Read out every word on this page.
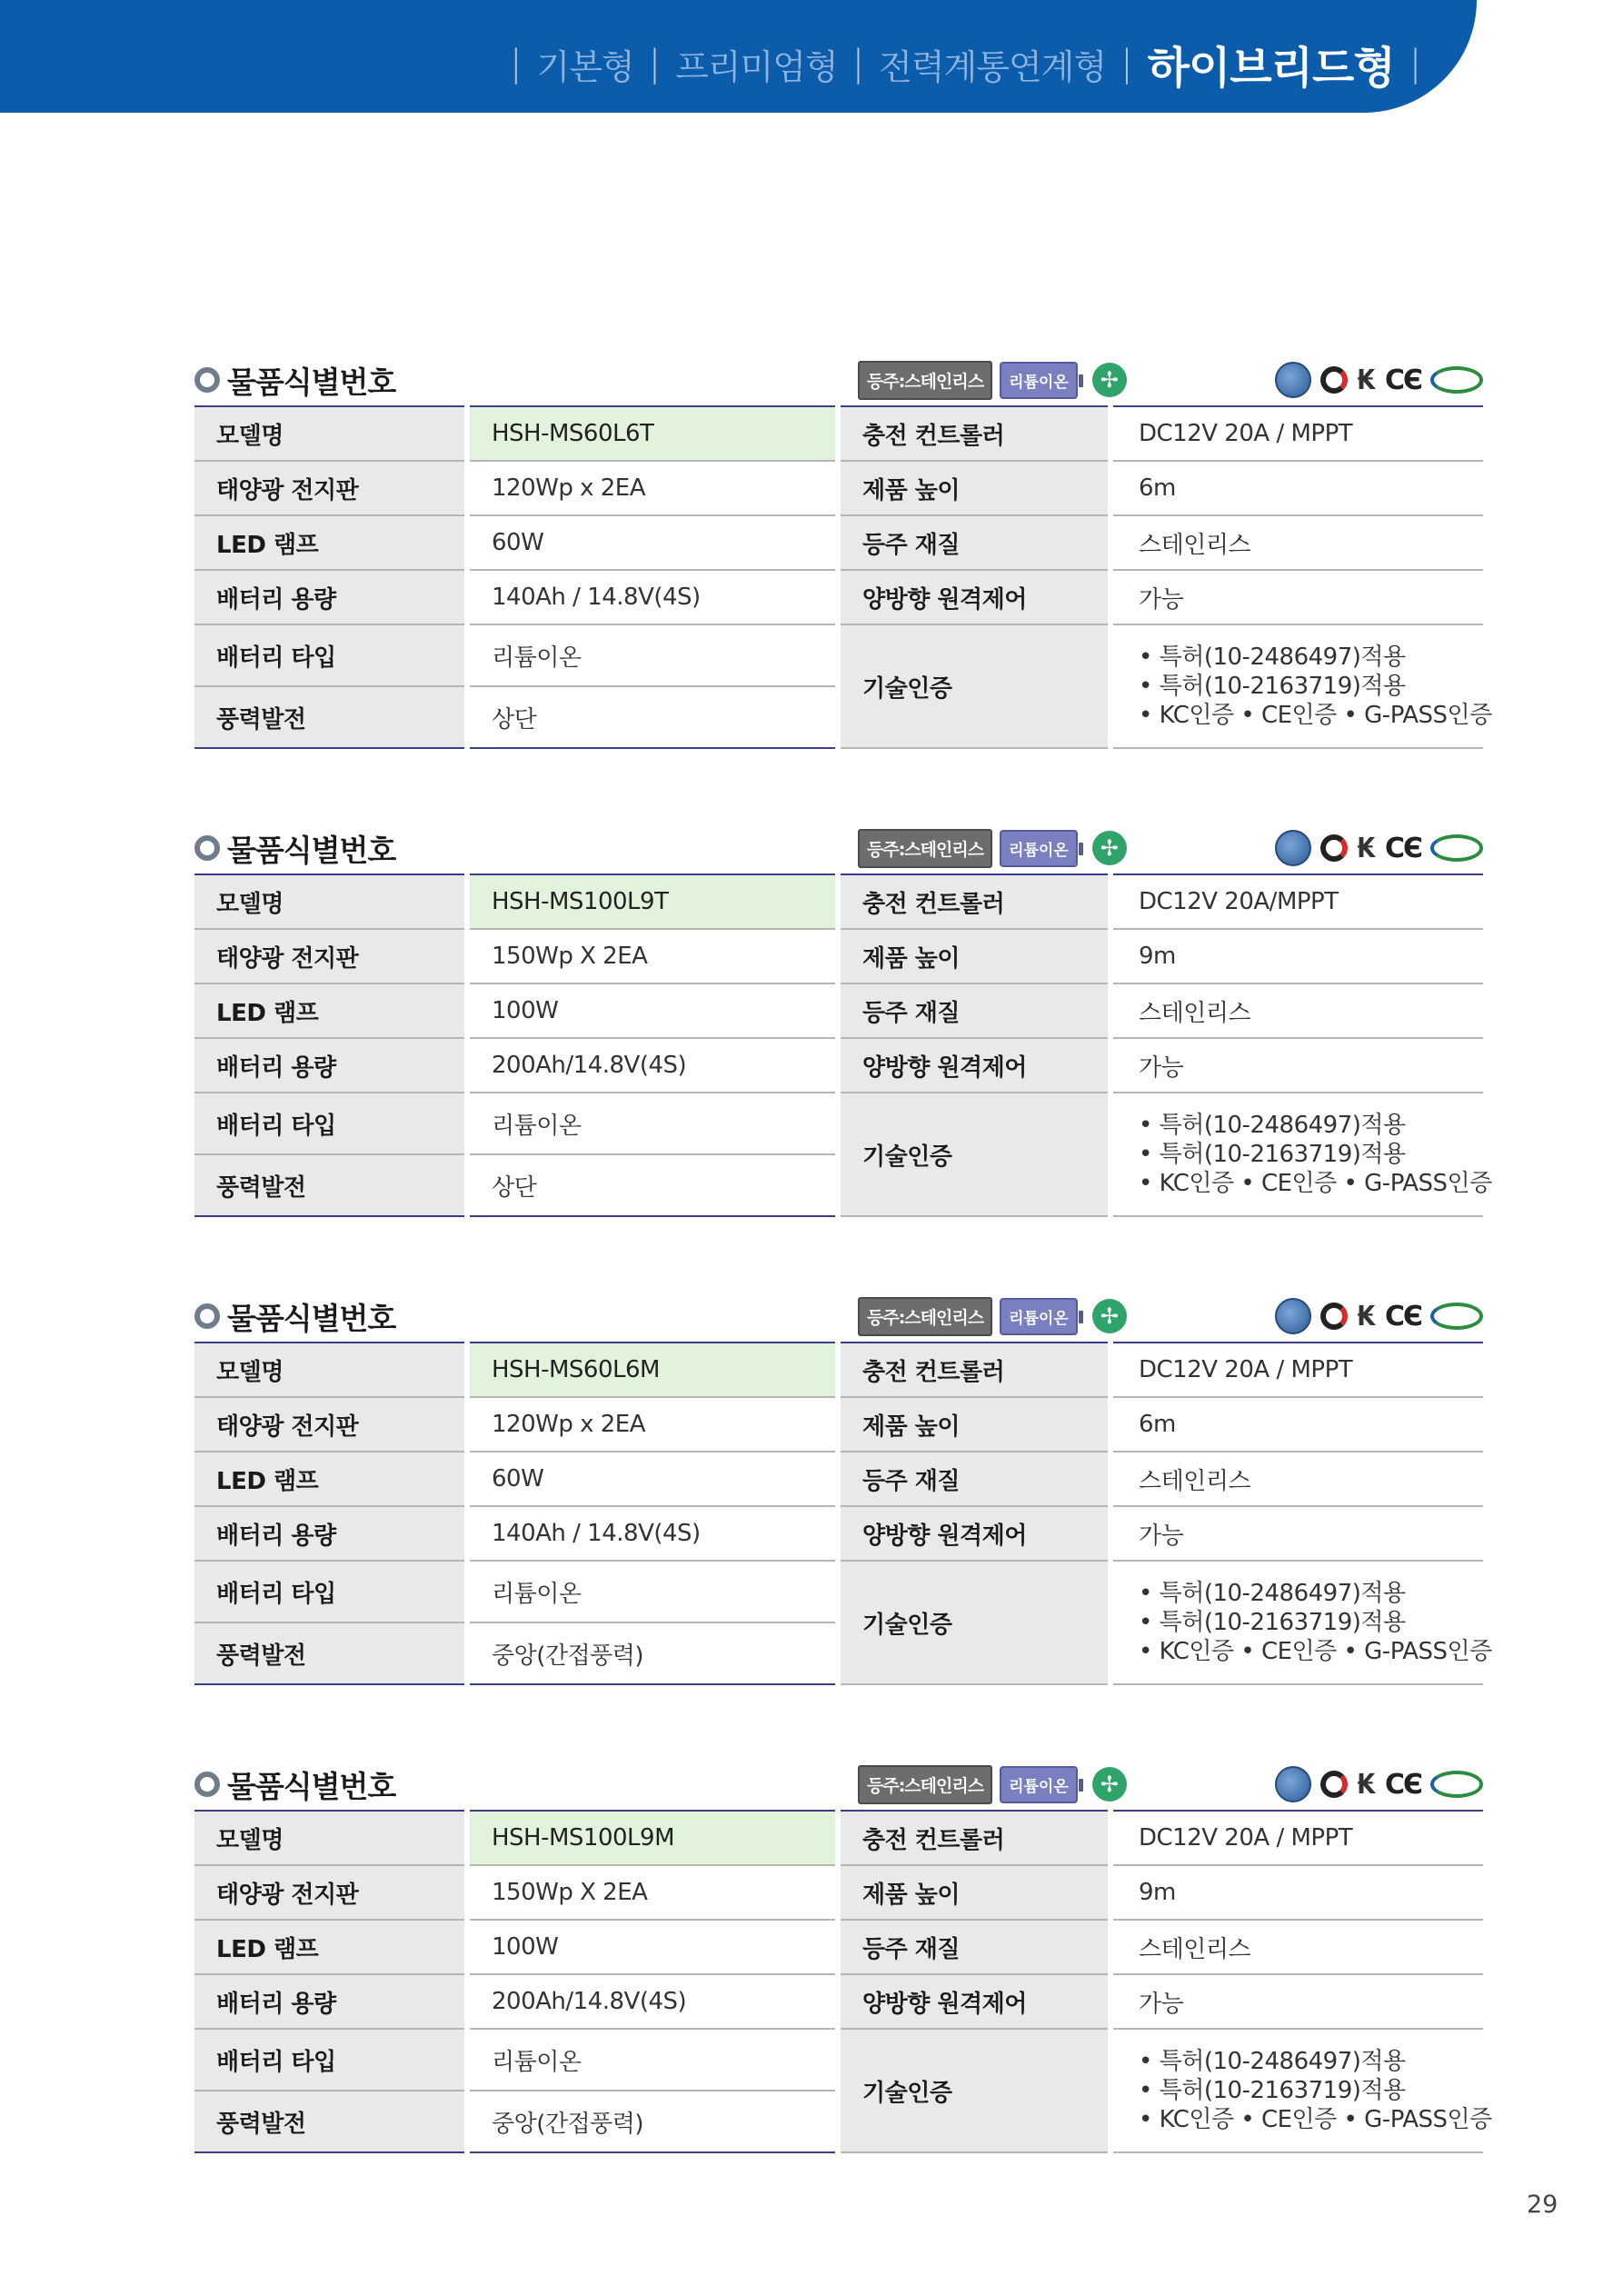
| 기본형 | 프리미엄형 | 전력계통연계형 | 하이브리드형 |
물품식별번호	등주:스테인리스	리튬이온	✢	₭ CЄ

모델명	HSH-MS60L6T	충전 컨트롤러	DC12V 20A / MPPT
태양광 전지판	120Wp x 2EA	제품 높이	6m
LED 램프	60W	등주 재질	스테인리스
배터리 용량	140Ah / 14.8V(4S)	양방향 원격제어	가능
배터리 타입	리튬이온	기술인증	• 특허(10-2486497)적용
• 특허(10-2163719)적용
• KC인증 • CE인증 • G-PASS인증

풍력발전	상단		
물품식별번호	등주:스테인리스	리튬이온	✢	₭ CЄ

모델명	HSH-MS100L9T	충전 컨트롤러	DC12V 20A/MPPT
태양광 전지판	150Wp X 2EA	제품 높이	9m
LED 램프	100W	등주 재질	스테인리스
배터리 용량	200Ah/14.8V(4S)	양방향 원격제어	가능
배터리 타입	리튬이온	기술인증	• 특허(10-2486497)적용
• 특허(10-2163719)적용
• KC인증 • CE인증 • G-PASS인증

풍력발전	상단		
물품식별번호	등주:스테인리스	리튬이온	✢	₭ CЄ

모델명	HSH-MS60L6M	충전 컨트롤러	DC12V 20A / MPPT
태양광 전지판	120Wp x 2EA	제품 높이	6m
LED 램프	60W	등주 재질	스테인리스
배터리 용량	140Ah / 14.8V(4S)	양방향 원격제어	가능
배터리 타입	리튬이온	기술인증	• 특허(10-2486497)적용
• 특허(10-2163719)적용
• KC인증 • CE인증 • G-PASS인증

풍력발전	중앙(간접풍력)		
물품식별번호	등주:스테인리스	리튬이온	✢	₭ CЄ

모델명	HSH-MS100L9M	충전 컨트롤러	DC12V 20A / MPPT
태양광 전지판	150Wp X 2EA	제품 높이	9m
LED 램프	100W	등주 재질	스테인리스
배터리 용량	200Ah/14.8V(4S)	양방향 원격제어	가능
배터리 타입	리튬이온	기술인증	• 특허(10-2486497)적용
• 특허(10-2163719)적용
• KC인증 • CE인증 • G-PASS인증

풍력발전	중앙(간접풍력)		
29
